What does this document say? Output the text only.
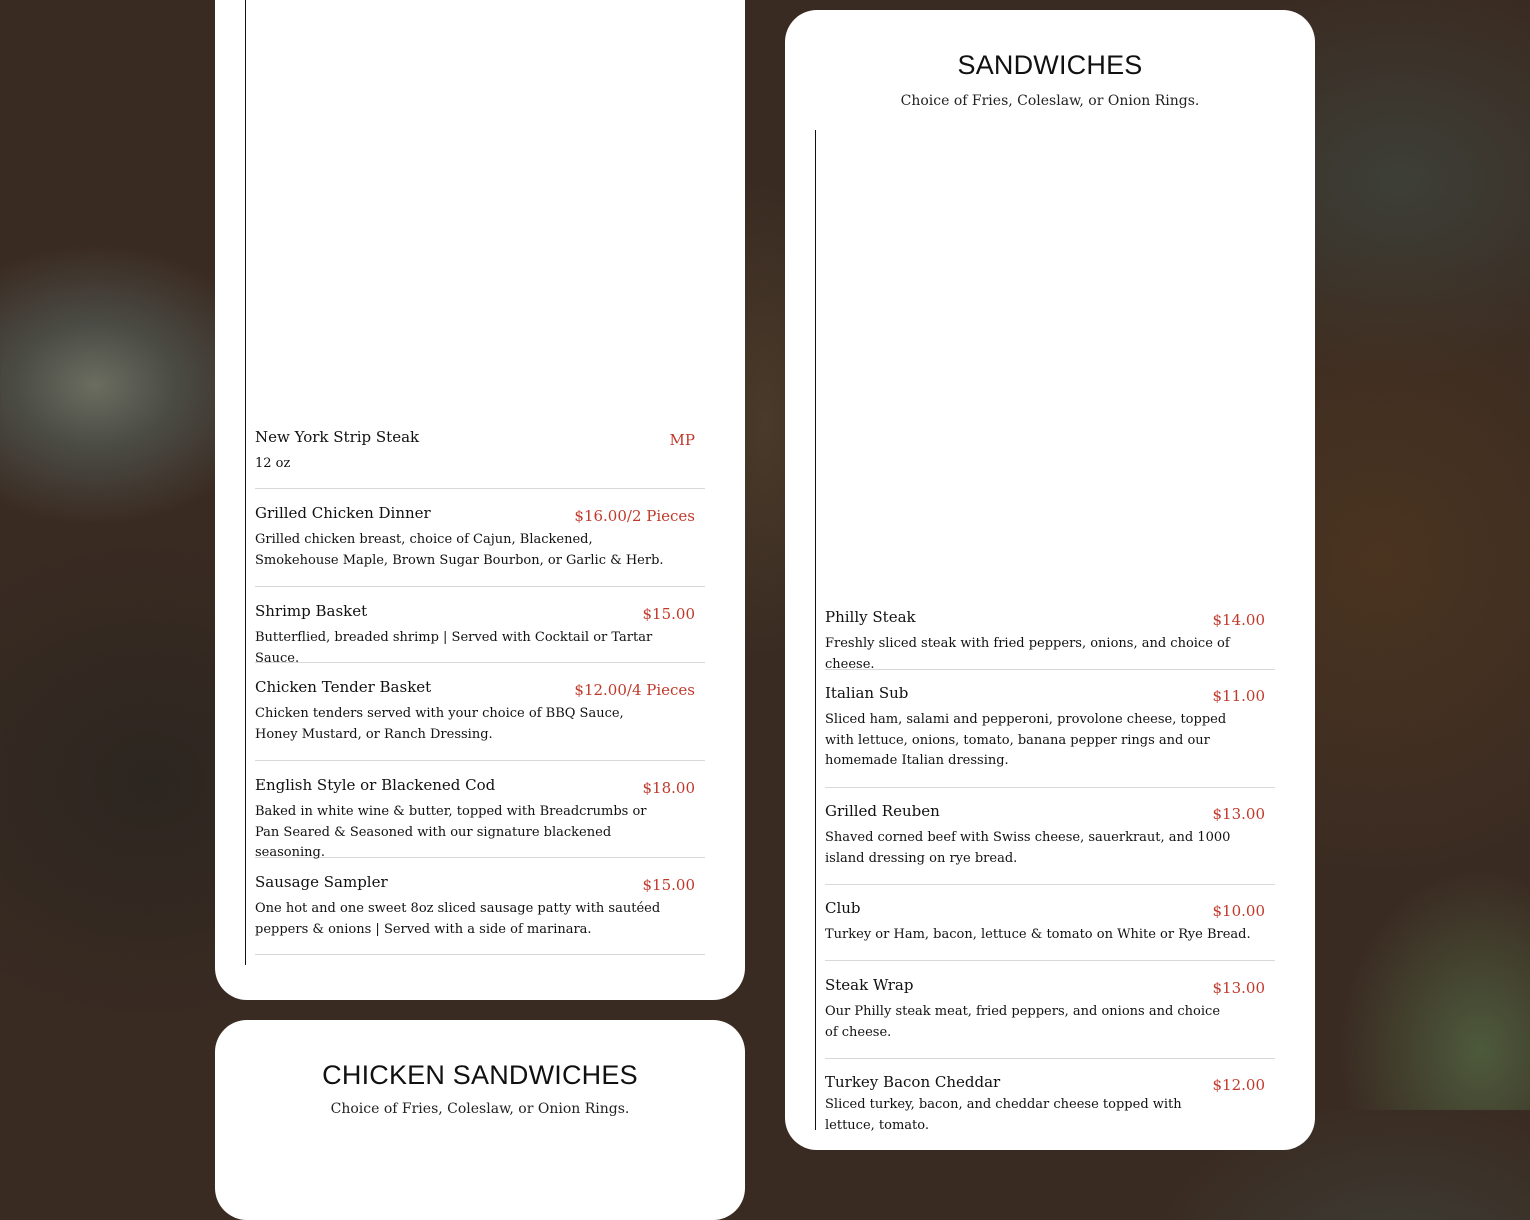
New York Strip Steak	MP
12 oz
Grilled Chicken Dinner	$16.00/2 Pieces
Grilled chicken breast, choice of Cajun, Blackened, Smokehouse Maple, Brown Sugar Bourbon, or Garlic & Herb.
Shrimp Basket	$15.00
Butterflied, breaded shrimp | Served with Cocktail or Tartar Sauce.
Chicken Tender Basket	$12.00/4 Pieces
Chicken tenders served with your choice of BBQ Sauce, Honey Mustard, or Ranch Dressing.
English Style or Blackened Cod	$18.00
Baked in white wine & butter, topped with Breadcrumbs or Pan Seared & Seasoned with our signature blackened seasoning.
Sausage Sampler	$15.00
One hot and one sweet 8oz sliced sausage patty with sautéed peppers & onions | Served with a side of marinara.
SANDWICHES
Choice of Fries, Coleslaw, or Onion Rings.
Philly Steak	$14.00
Freshly sliced steak with fried peppers, onions, and choice of cheese.
Italian Sub	$11.00
Sliced ham, salami and pepperoni, provolone cheese, topped with lettuce, onions, tomato, banana pepper rings and our homemade Italian dressing.
Grilled Reuben	$13.00
Shaved corned beef with Swiss cheese, sauerkraut, and 1000 island dressing on rye bread.
Club	$10.00
Turkey or Ham, bacon, lettuce & tomato on White or Rye Bread.
Steak Wrap	$13.00
Our Philly steak meat, fried peppers, and onions and choice of cheese.
Turkey Bacon Cheddar	$12.00
Sliced turkey, bacon, and cheddar cheese topped with lettuce, tomato.
CHICKEN SANDWICHES
Choice of Fries, Coleslaw, or Onion Rings.
